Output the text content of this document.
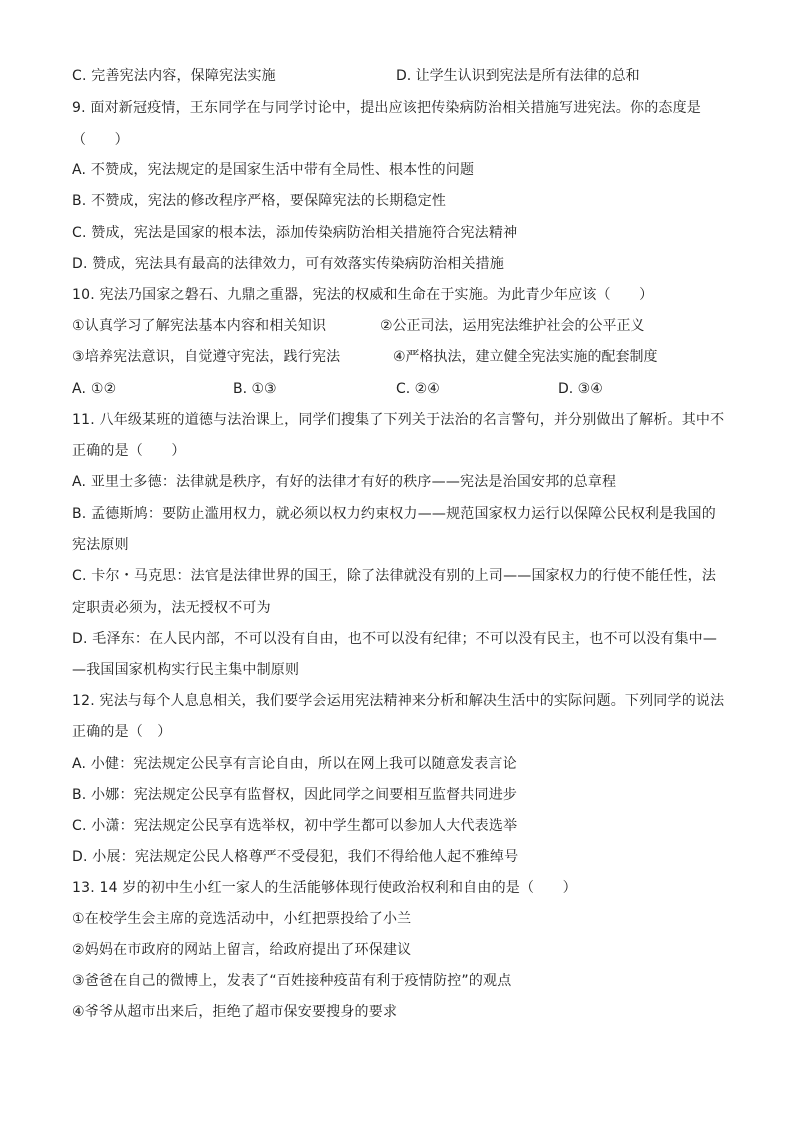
C. 完善宪法内容，保障宪法实施	D. 让学生认识到宪法是所有法律的总和
9. 面对新冠疫情，王东同学在与同学讨论中，提出应该把传染病防治相关措施写进宪法。你的态度是
（　　）
A. 不赞成，宪法规定的是国家生活中带有全局性、根本性的问题
B. 不赞成，宪法的修改程序严格，要保障宪法的长期稳定性
C. 赞成，宪法是国家的根本法，添加传染病防治相关措施符合宪法精神
D. 赞成，宪法具有最高的法律效力，可有效落实传染病防治相关措施
10. 宪法乃国家之磐石、九鼎之重器，宪法的权威和生命在于实施。为此青少年应该（　　）
①认真学习了解宪法基本内容和相关知识	②公正司法，运用宪法维护社会的公平正义
③培养宪法意识，自觉遵守宪法，践行宪法	④严格执法，建立健全宪法实施的配套制度
A. ①②	B. ①③	C. ②④	D. ③④
11. 八年级某班的道德与法治课上，同学们搜集了下列关于法治的名言警句，并分别做出了解析。其中不
正确的是（　　）
A. 亚里士多德：法律就是秩序，有好的法律才有好的秩序——宪法是治国安邦的总章程
B. 孟德斯鸠：要防止滥用权力，就必须以权力约束权力——规范国家权力运行以保障公民权利是我国的
宪法原则
C. 卡尔・马克思：法官是法律世界的国王，除了法律就没有别的上司——国家权力的行使不能任性，法
定职责必须为，法无授权不可为
D. 毛泽东：在人民内部，不可以没有自由，也不可以没有纪律；不可以没有民主，也不可以没有集中—
—我国国家机构实行民主集中制原则
12. 宪法与每个人息息相关，我们要学会运用宪法精神来分析和解决生活中的实际问题。下列同学的说法
正确的是（　）
A. 小健：宪法规定公民享有言论自由，所以在网上我可以随意发表言论
B. 小娜：宪法规定公民享有监督权，因此同学之间要相互监督共同进步
C. 小潇：宪法规定公民享有选举权，初中学生都可以参加人大代表选举
D. 小展：宪法规定公民人格尊严不受侵犯，我们不得给他人起不雅绰号
13. 14 岁的初中生小红一家人的生活能够体现行使政治权利和自由的是（　　）
①在校学生会主席的竞选活动中，小红把票投给了小兰
②妈妈在市政府的网站上留言，给政府提出了环保建议
③爸爸在自己的微博上，发表了“百姓接种疫苗有利于疫情防控”的观点
④爷爷从超市出来后，拒绝了超市保安要搜身的要求
